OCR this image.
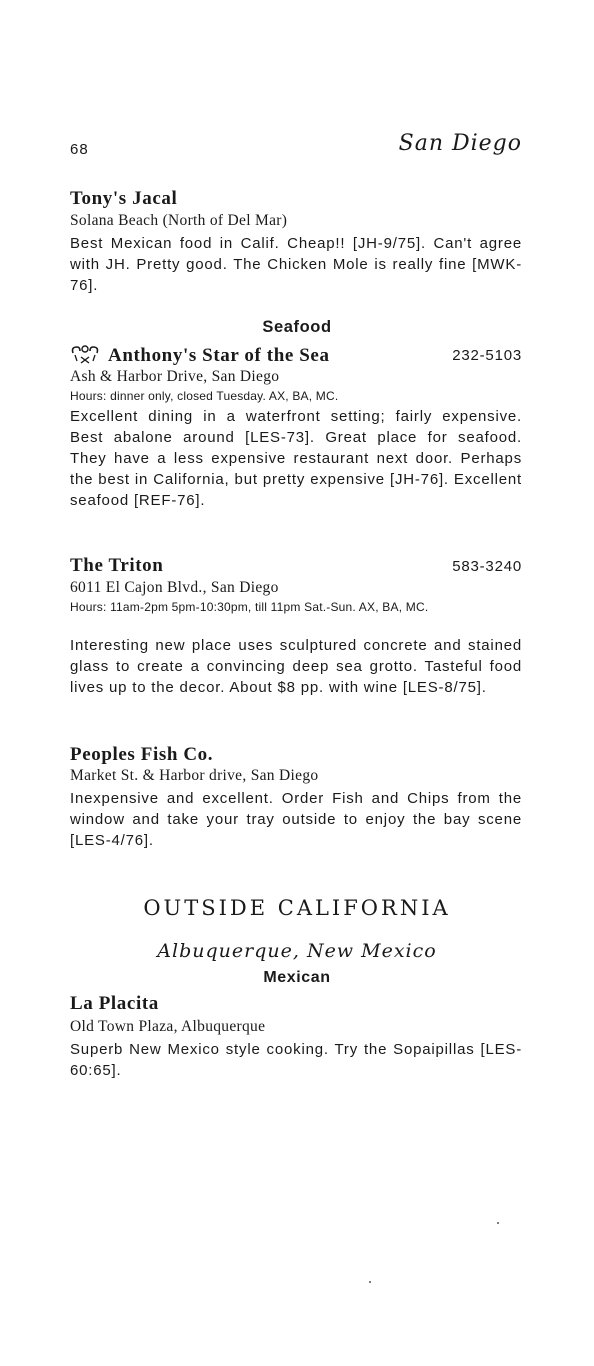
68	San Diego
Tony's Jacal
Solana Beach (North of Del Mar)
Best Mexican food in Calif. Cheap!! [JH-9/75]. Can't agree with JH. Pretty good. The Chicken Mole is really fine [MWK-76].
Seafood
Anthony's Star of the Sea	232-5103
Ash & Harbor Drive, San Diego
Hours: dinner only, closed Tuesday. AX, BA, MC.
Excellent dining in a waterfront setting; fairly expensive. Best abalone around [LES-73]. Great place for seafood. They have a less expensive restaurant next door. Perhaps the best in California, but pretty expensive [JH-76]. Excellent seafood [REF-76].
The Triton	583-3240
6011 El Cajon Blvd., San Diego
Hours: 11am-2pm 5pm-10:30pm, till 11pm Sat.-Sun. AX, BA, MC.
Interesting new place uses sculptured concrete and stained glass to create a convincing deep sea grotto. Tasteful food lives up to the decor. About $8 pp. with wine [LES-8/75].
Peoples Fish Co.
Market St. & Harbor drive, San Diego
Inexpensive and excellent. Order Fish and Chips from the window and take your tray outside to enjoy the bay scene [LES-4/76].
OUTSIDE CALIFORNIA
Albuquerque, New Mexico
Mexican
La Placita
Old Town Plaza, Albuquerque
Superb New Mexico style cooking. Try the Sopaipillas [LES-60:65].
